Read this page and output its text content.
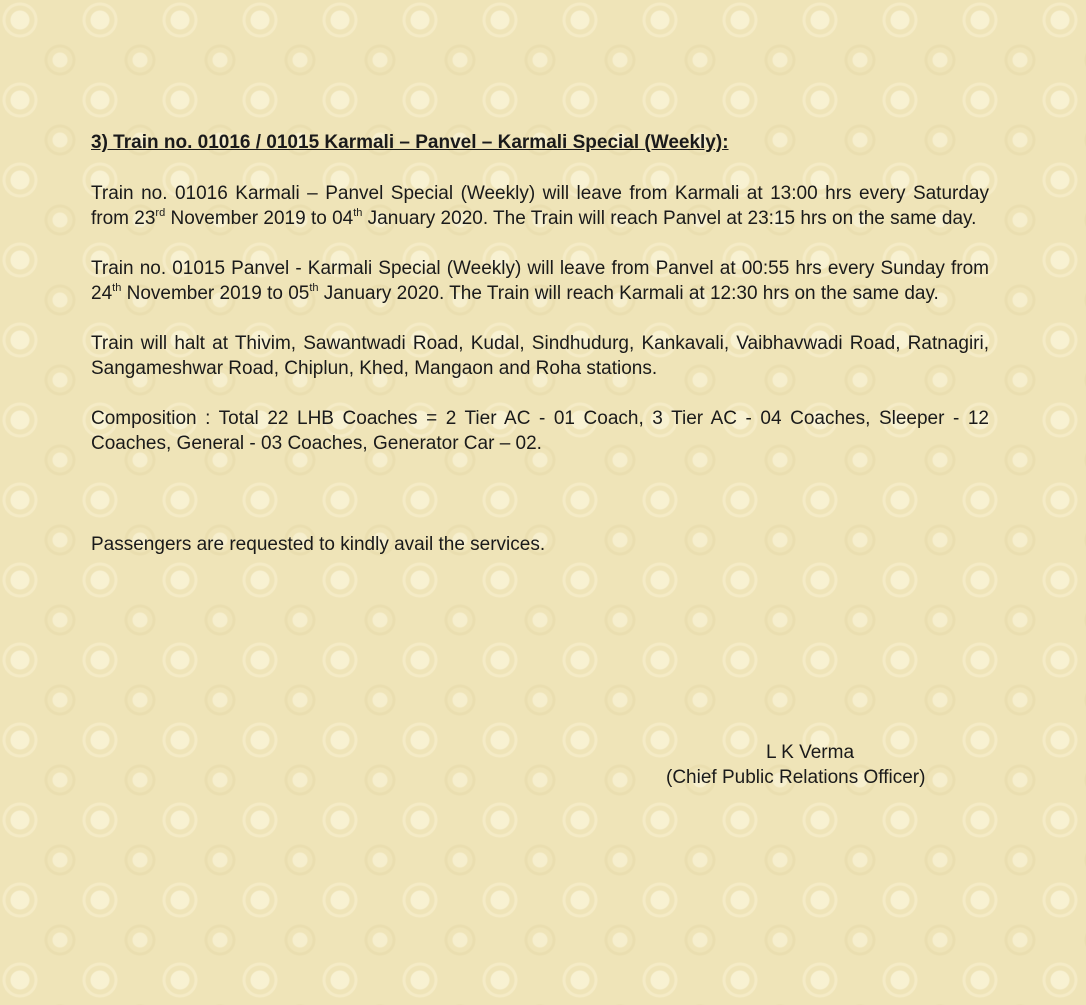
3) Train no. 01016 / 01015 Karmali – Panvel – Karmali Special (Weekly):

Train no. 01016 Karmali – Panvel Special (Weekly) will leave from Karmali at 13:00 hrs every Saturday from 23rd November 2019 to 04th January 2020. The Train will reach Panvel at 23:15 hrs on the same day.

Train no. 01015 Panvel - Karmali Special (Weekly) will leave from Panvel at 00:55 hrs every Sunday from 24th November 2019 to 05th January 2020. The Train will reach Karmali at 12:30 hrs on the same day.

Train will halt at Thivim, Sawantwadi Road, Kudal, Sindhudurg, Kankavali, Vaibhavwadi Road, Ratnagiri, Sangameshwar Road, Chiplun, Khed, Mangaon and Roha stations.

Composition : Total 22 LHB Coaches = 2 Tier AC - 01 Coach, 3 Tier AC - 04 Coaches, Sleeper - 12 Coaches, General - 03 Coaches, Generator Car – 02.

Passengers are requested to kindly avail the services.

L K Verma
(Chief Public Relations Officer)
